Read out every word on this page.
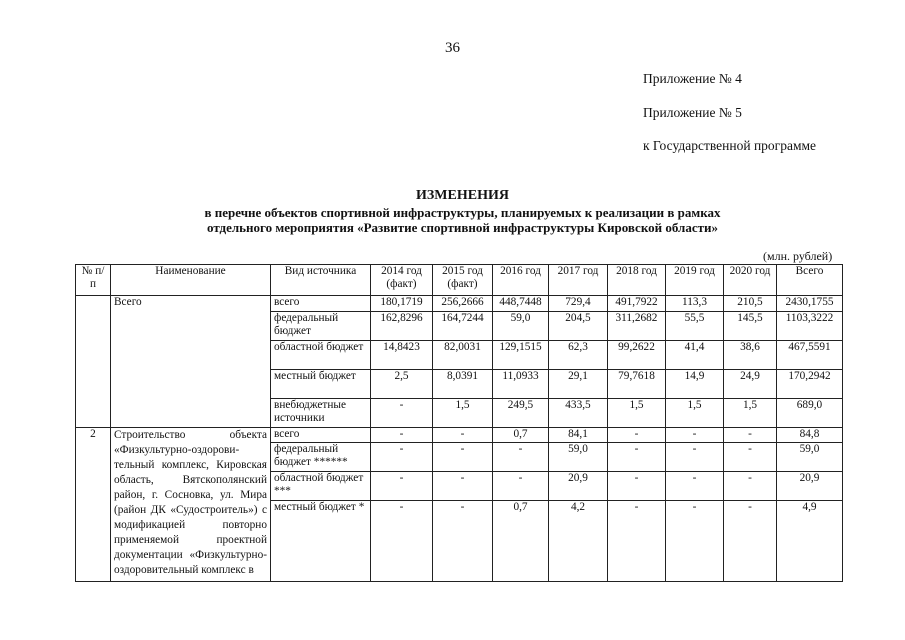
36
Приложение № 4
Приложение № 5
к Государственной программе
ИЗМЕНЕНИЯ
в перечне объектов спортивной инфраструктуры, планируемых к реализации в рамках
отдельного мероприятия «Развитие спортивной инфраструктуры Кировской области»
(млн. рублей)
№ п/п	Наименование	Вид источника	2014 год (факт)	2015 год (факт)	2016 год	2017 год	2018 год	2019 год	2020 год	Всего
	Всего	всего	180,1719	256,2666	448,7448	729,4	491,7922	113,3	210,5	2430,1755
		федеральный бюджет	162,8296	164,7244	59,0	204,5	311,2682	55,5	145,5	1103,3222
		областной бюджет	14,8423	82,0031	129,1515	62,3	99,2622	41,4	38,6	467,5591
		местный бюджет	2,5	8,0391	11,0933	29,1	79,7618	14,9	24,9	170,2942
		внебюджетные источники	-	1,5	249,5	433,5	1,5	1,5	1,5	689,0
2	Строительство объекта «Физкультурно-оздорови-тельный комплекс, Кировская область, Вятскополянский район, г. Сосновка, ул. Мира (район ДК «Судостроитель») с модификацией повторно применяемой проектной документации «Физкультурно-оздоровительный комплекс в	всего	-	-	0,7	84,1	-	-	-	84,8
		федеральный бюджет ******	-	-	-	59,0	-	-	-	59,0
		областной бюджет ***	-	-	-	20,9	-	-	-	20,9
		местный бюджет *	-	-	0,7	4,2	-	-	-	4,9
